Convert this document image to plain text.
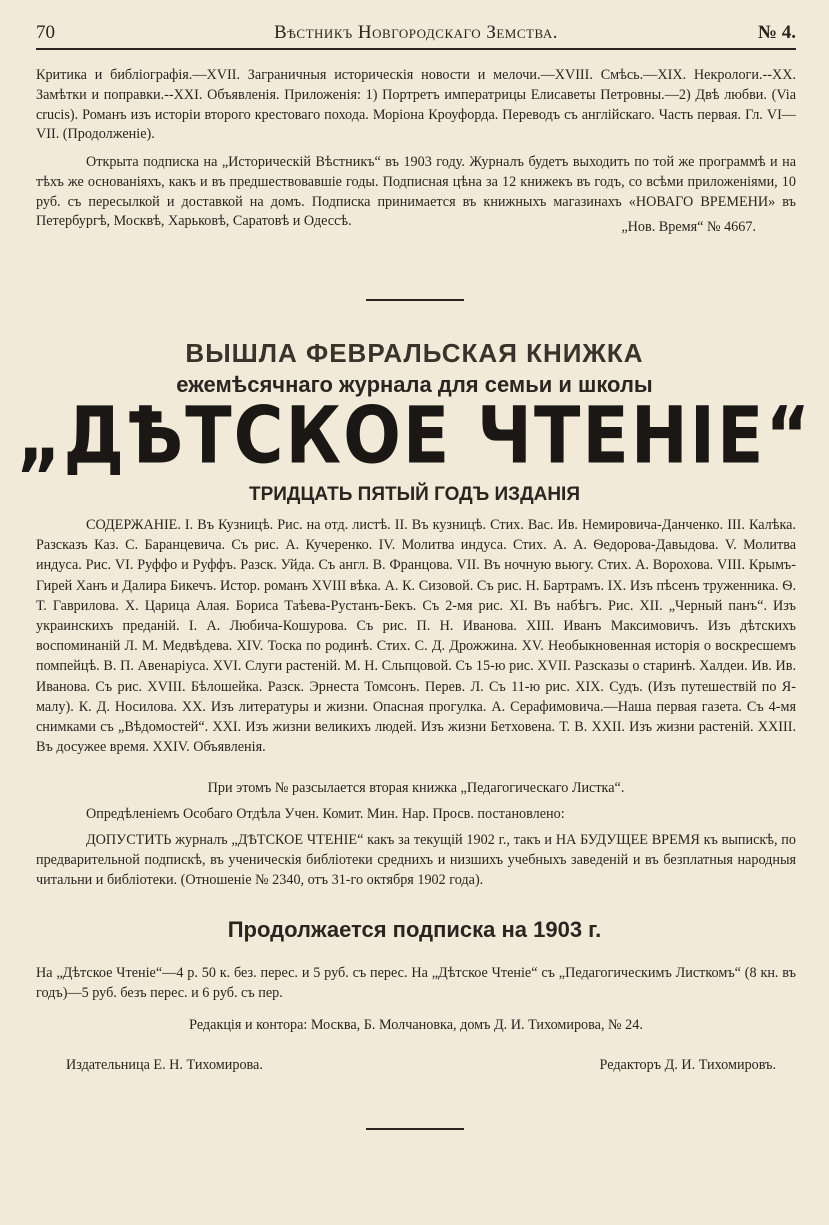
70	Вѣстникъ Новгородскаго Земства.	№ 4.
Критика и библіографія.—XVII. Заграничныя историческія новости и мелочи.—XVIII. Смѣсь.—XIX. Некрологи.--XX. Замѣтки и поправки.--XXI. Объявленія. Приложенія: 1) Портретъ императрицы Елисаветы Петровны.—2) Двѣ любви. (Via crucis). Романъ изъ исторіи второго крестоваго похода. Моріона Кроуфорда. Переводъ съ англійскаго. Часть первая. Гл. VI—VII. (Продолженіе).
Открыта подписка на „Историческій Вѣстникъ“ въ 1903 году. Журналъ будетъ выходить по той же программѣ и на тѣхъ же основаніяхъ, какъ и въ предшествовавшіе годы. Подписная цѣна за 12 книжекъ въ годъ, со всѣми приложеніями, 10 руб. съ пересылкой и доставкой на домъ. Подписка принимается въ книжныхъ магазинахъ «НОВАГО ВРЕМЕНИ» въ Петербургѣ, Москвѣ, Харьковѣ, Саратовѣ и Одессѣ.	„Нов. Время“ № 4667.
ВЫШЛА ФЕВРАЛЬСКАЯ КНИЖКА
ежемѣсячнаго журнала для семьи и школы
„ДѢТСКОЕ ЧТЕНІЕ“
ТРИДЦАТЬ ПЯТЫЙ ГОДЪ ИЗДАНІЯ
СОДЕРЖАНІЕ. I. Въ Кузницѣ. Рис. на отд. листѣ. II. Въ кузницѣ. Стих. Вас. Ив. Немировича-Данченко. III. Калѣка. Разсказъ Каз. С. Баранцевича. Съ рис. А. Кучеренко. IV. Молитва индуса. Стих. А. А. Ѳедорова-Давыдова. V. Молитва индуса. Рис. VI. Руффо и Руффъ. Разск. Уйда. Съ англ. В. Францова. VII. Въ ночную вьюгу. Стих. А. Ворохова. VIII. Крымъ-Гирей Ханъ и Далира Бикечъ. Истор. романъ XVIII вѣка. А. К. Сизовой. Съ рис. Н. Бартрамъ. IX. Изъ пѣсенъ труженника. Ѳ. Т. Гаврилова. X. Царица Алая. Бориса Таѣева-Рустанъ-Бекъ. Съ 2-мя рис. XI. Въ набѣгъ. Рис. XII. „Черный панъ“. Изъ украинскихъ преданій. І. А. Любича-Кошурова. Съ рис. П. Н. Иванова. XIII. Иванъ Максимовичъ. Изъ дѣтскихъ воспоминаній Л. М. Медвѣдева. XIV. Тоска по родинѣ. Стих. С. Д. Дрожжина. XV. Необыкновенная исторія о воскресшемъ помпейцѣ. В. П. Авенаріуса. XVI. Слуги растеній. М. Н. Сльпцовой. Съ 15-ю рис. XVII. Разсказы о старинѣ. Халдеи. Ив. Ив. Иванова. Съ рис. XVIII. Бѣлошейка. Разск. Эрнеста Томсонъ. Перев. Л. Съ 11-ю рис. XIX. Судъ. (Изъ путешествій по Я-малу). К. Д. Носилова. XX. Изъ литературы и жизни. Опасная прогулка. А. Серафимовича.—Наша первая газета. Съ 4-мя снимками съ „Вѣдомостей“. XXI. Изъ жизни великихъ людей. Изъ жизни Бетховена. Т. В. XXII. Изъ жизни растеній. XXIII. Въ досужее время. XXIV. Объявленія.
При этомъ № разсылается вторая книжка „Педагогическаго Листка“.
Опредѣленіемъ Особаго Отдѣла Учен. Комит. Мин. Нар. Просв. постановлено:
ДОПУСТИТЬ журналъ „ДѢТСКОЕ ЧТЕНІЕ“ какъ за текущій 1902 г., такъ и НА БУДУЩЕЕ ВРЕМЯ къ выпискѣ, по предварительной подпискѣ, въ ученическія библіотеки среднихъ и низшихъ учебныхъ заведеній и въ безплатныя народныя читальни и библіотеки. (Отношеніе № 2340, отъ 31-го октября 1902 года).
Продолжается подписка на 1903 г.
На „Дѣтское Чтеніе“—4 р. 50 к. без. перес. и 5 руб. съ перес. На „Дѣтское Чтеніе“ съ „Педагогическимъ Листкомъ“ (8 кн. въ годъ)—5 руб. безъ перес. и 6 руб. съ пер.
Редакція и контора: Москва, Б. Молчановка, домъ Д. И. Тихомирова, № 24.
Издательница Е. Н. Тихомирова.	Редакторъ Д. И. Тихомировъ.
